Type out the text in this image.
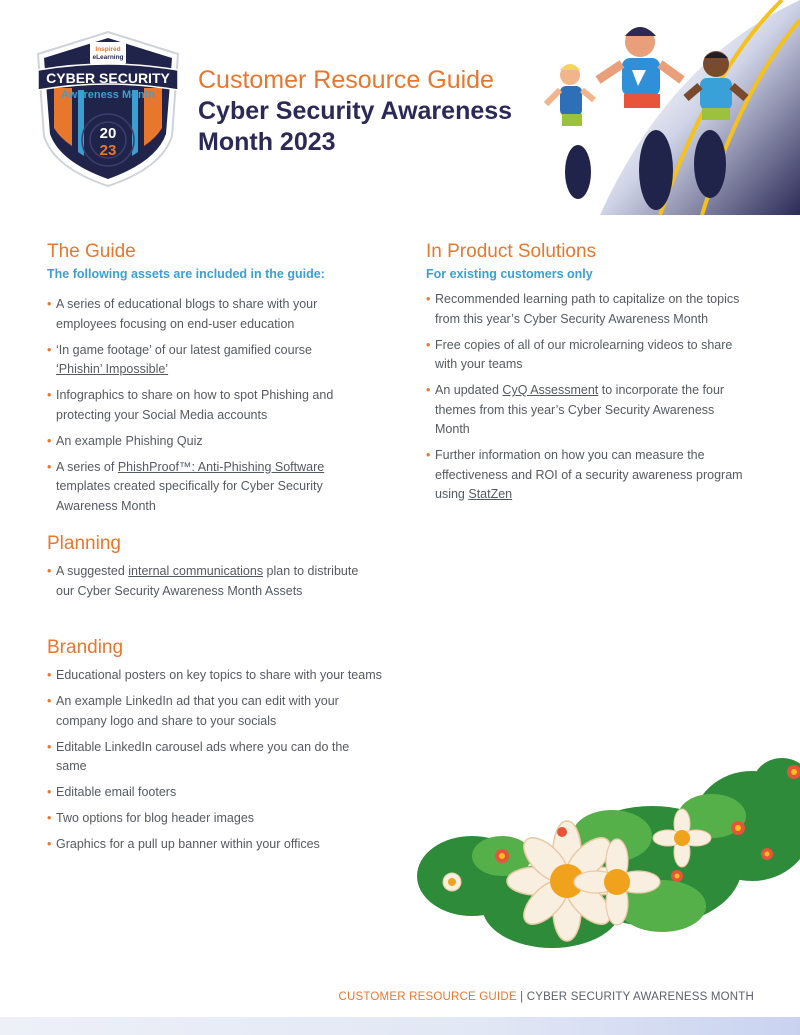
Inspired
eLearning
CYBER SECURITY
Awareness Month
20
23
Customer Resource Guide
Cyber Security Awareness Month 2023
The Guide
The following assets are included in the guide:
• A series of educational blogs to share with your employees focusing on end-user education
• ‘In game footage’ of our latest gamified course ‘Phishin’ Impossible’
• Infographics to share on how to spot Phishing and protecting your Social Media accounts
• An example Phishing Quiz
• A series of PhishProof™: Anti-Phishing Software templates created specifically for Cyber Security Awareness Month
Planning
• A suggested internal communications plan to distribute our Cyber Security Awareness Month Assets
Branding
• Educational posters on key topics to share with your teams
• An example LinkedIn ad that you can edit with your company logo and share to your socials
• Editable LinkedIn carousel ads where you can do the same
• Editable email footers
• Two options for blog header images
• Graphics for a pull up banner within your offices
In Product Solutions
For existing customers only
• Recommended learning path to capitalize on the topics from this year’s Cyber Security Awareness Month
• Free copies of all of our microlearning videos to share with your teams
• An updated CyQ Assessment to incorporate the four themes from this year’s Cyber Security Awareness Month
• Further information on how you can measure the effectiveness and ROI of a security awareness program using StatZen
CUSTOMER RESOURCE GUIDE | CYBER SECURITY AWARENESS MONTH
